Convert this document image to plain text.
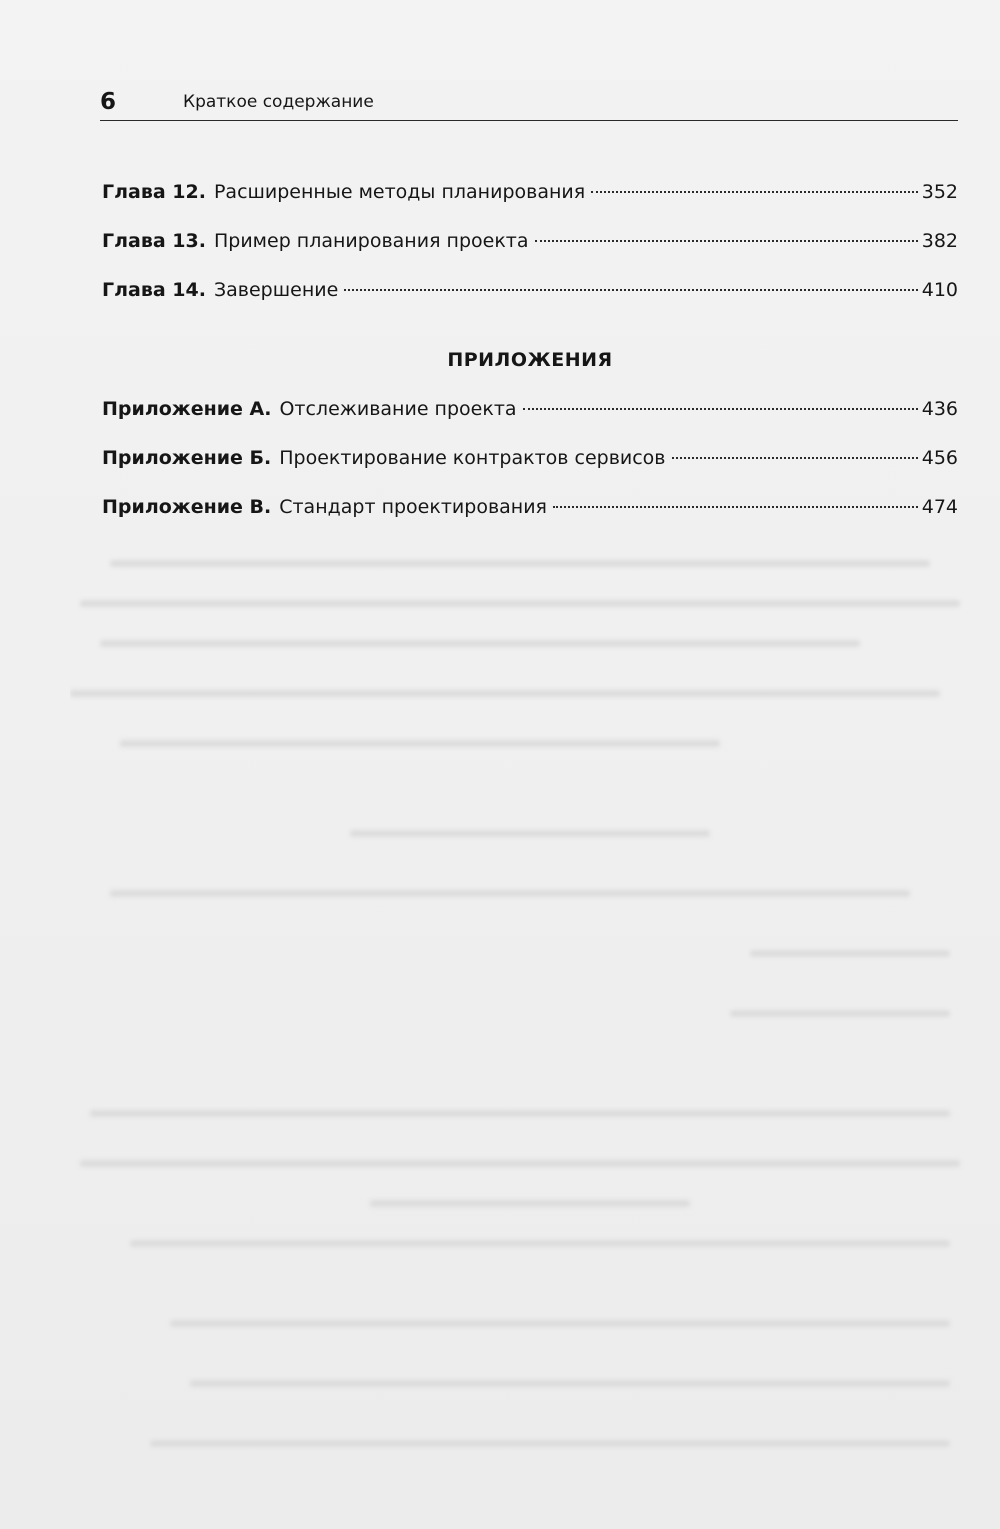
6	Краткое содержание
Глава 12. Расширенные методы планирования	352
Глава 13. Пример планирования проекта	382
Глава 14. Завершение	410
Приложение А. Отслеживание проекта	436
Приложение Б. Проектирование контрактов сервисов	456
Приложение В. Стандарт проектирования	474
ПРИЛОЖЕНИЯ
